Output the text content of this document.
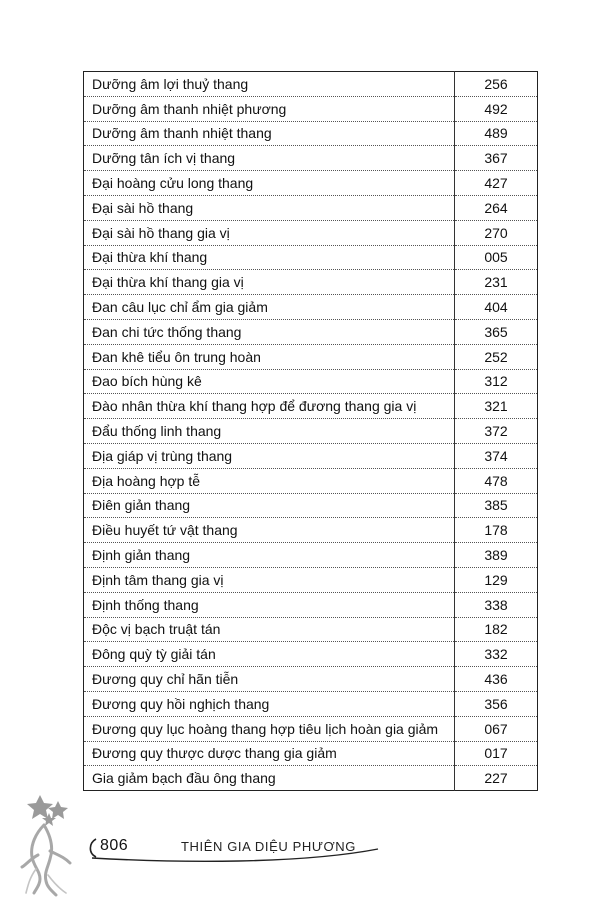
Dưỡng âm lợi thuỷ thang	256
Dưỡng âm thanh nhiệt phương	492
Dưỡng âm thanh nhiệt thang	489
Dưỡng tân ích vị thang	367
Đại hoàng cửu long thang	427
Đại sài hồ thang	264
Đại sài hồ thang gia vị	270
Đại thừa khí thang	005
Đại thừa khí thang gia vị	231
Đan câu lục chỉ ẩm gia giảm	404
Đan chi tức thống thang	365
Đan khê tiểu ôn trung hoàn	252
Đao bích hùng kê	312
Đào nhân thừa khí thang hợp để đương thang gia vị	321
Đẩu thống linh thang	372
Địa giáp vị trùng thang	374
Địa hoàng hợp tễ	478
Điên giản thang	385
Điều huyết tứ vật thang	178
Định giản thang	389
Định tâm thang gia vị	129
Định thống thang	338
Độc vị bạch truật tán	182
Đông quỳ tỳ giải tán	332
Đương quy chỉ hãn tiễn	436
Đương quy hồi nghịch thang	356
Đương quy lục hoàng thang hợp tiêu lịch hoàn gia giảm	067
Đương quy thược dược thang gia giảm	017
Gia giảm bạch đầu ông thang	227
806	THIÊN GIA DIỆU PHƯƠNG
